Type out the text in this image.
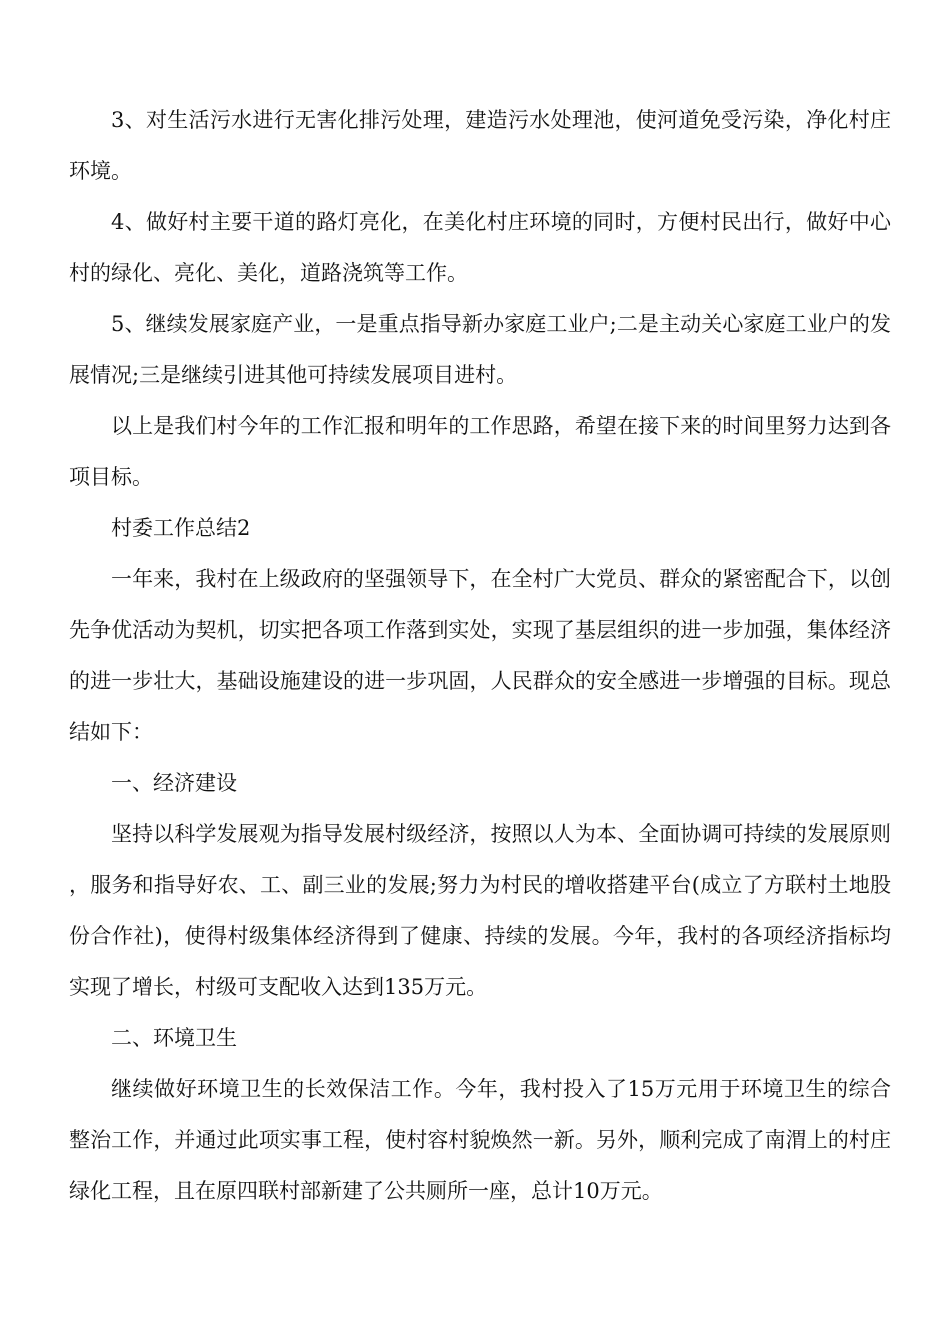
3、对生活污水进行无害化排污处理，建造污水处理池，使河道免受污染，净化村庄环境。

4、做好村主要干道的路灯亮化，在美化村庄环境的同时，方便村民出行，做好中心村的绿化、亮化、美化，道路浇筑等工作。

5、继续发展家庭产业，一是重点指导新办家庭工业户;二是主动关心家庭工业户的发展情况;三是继续引进其他可持续发展项目进村。

以上是我们村今年的工作汇报和明年的工作思路，希望在接下来的时间里努力达到各项目标。

村委工作总结2

一年来，我村在上级政府的坚强领导下，在全村广大党员、群众的紧密配合下，以创先争优活动为契机，切实把各项工作落到实处，实现了基层组织的进一步加强，集体经济的进一步壮大，基础设施建设的进一步巩固，人民群众的安全感进一步增强的目标。现总结如下：

一、经济建设

坚持以科学发展观为指导发展村级经济，按照以人为本、全面协调可持续的发展原则，服务和指导好农、工、副三业的发展;努力为村民的增收搭建平台(成立了方联村土地股份合作社)，使得村级集体经济得到了健康、持续的发展。今年，我村的各项经济指标均实现了增长，村级可支配收入达到135万元。

二、环境卫生

继续做好环境卫生的长效保洁工作。今年，我村投入了15万元用于环境卫生的综合整治工作，并通过此项实事工程，使村容村貌焕然一新。另外，顺利完成了南渭上的村庄绿化工程，且在原四联村部新建了公共厕所一座，总计10万元。
